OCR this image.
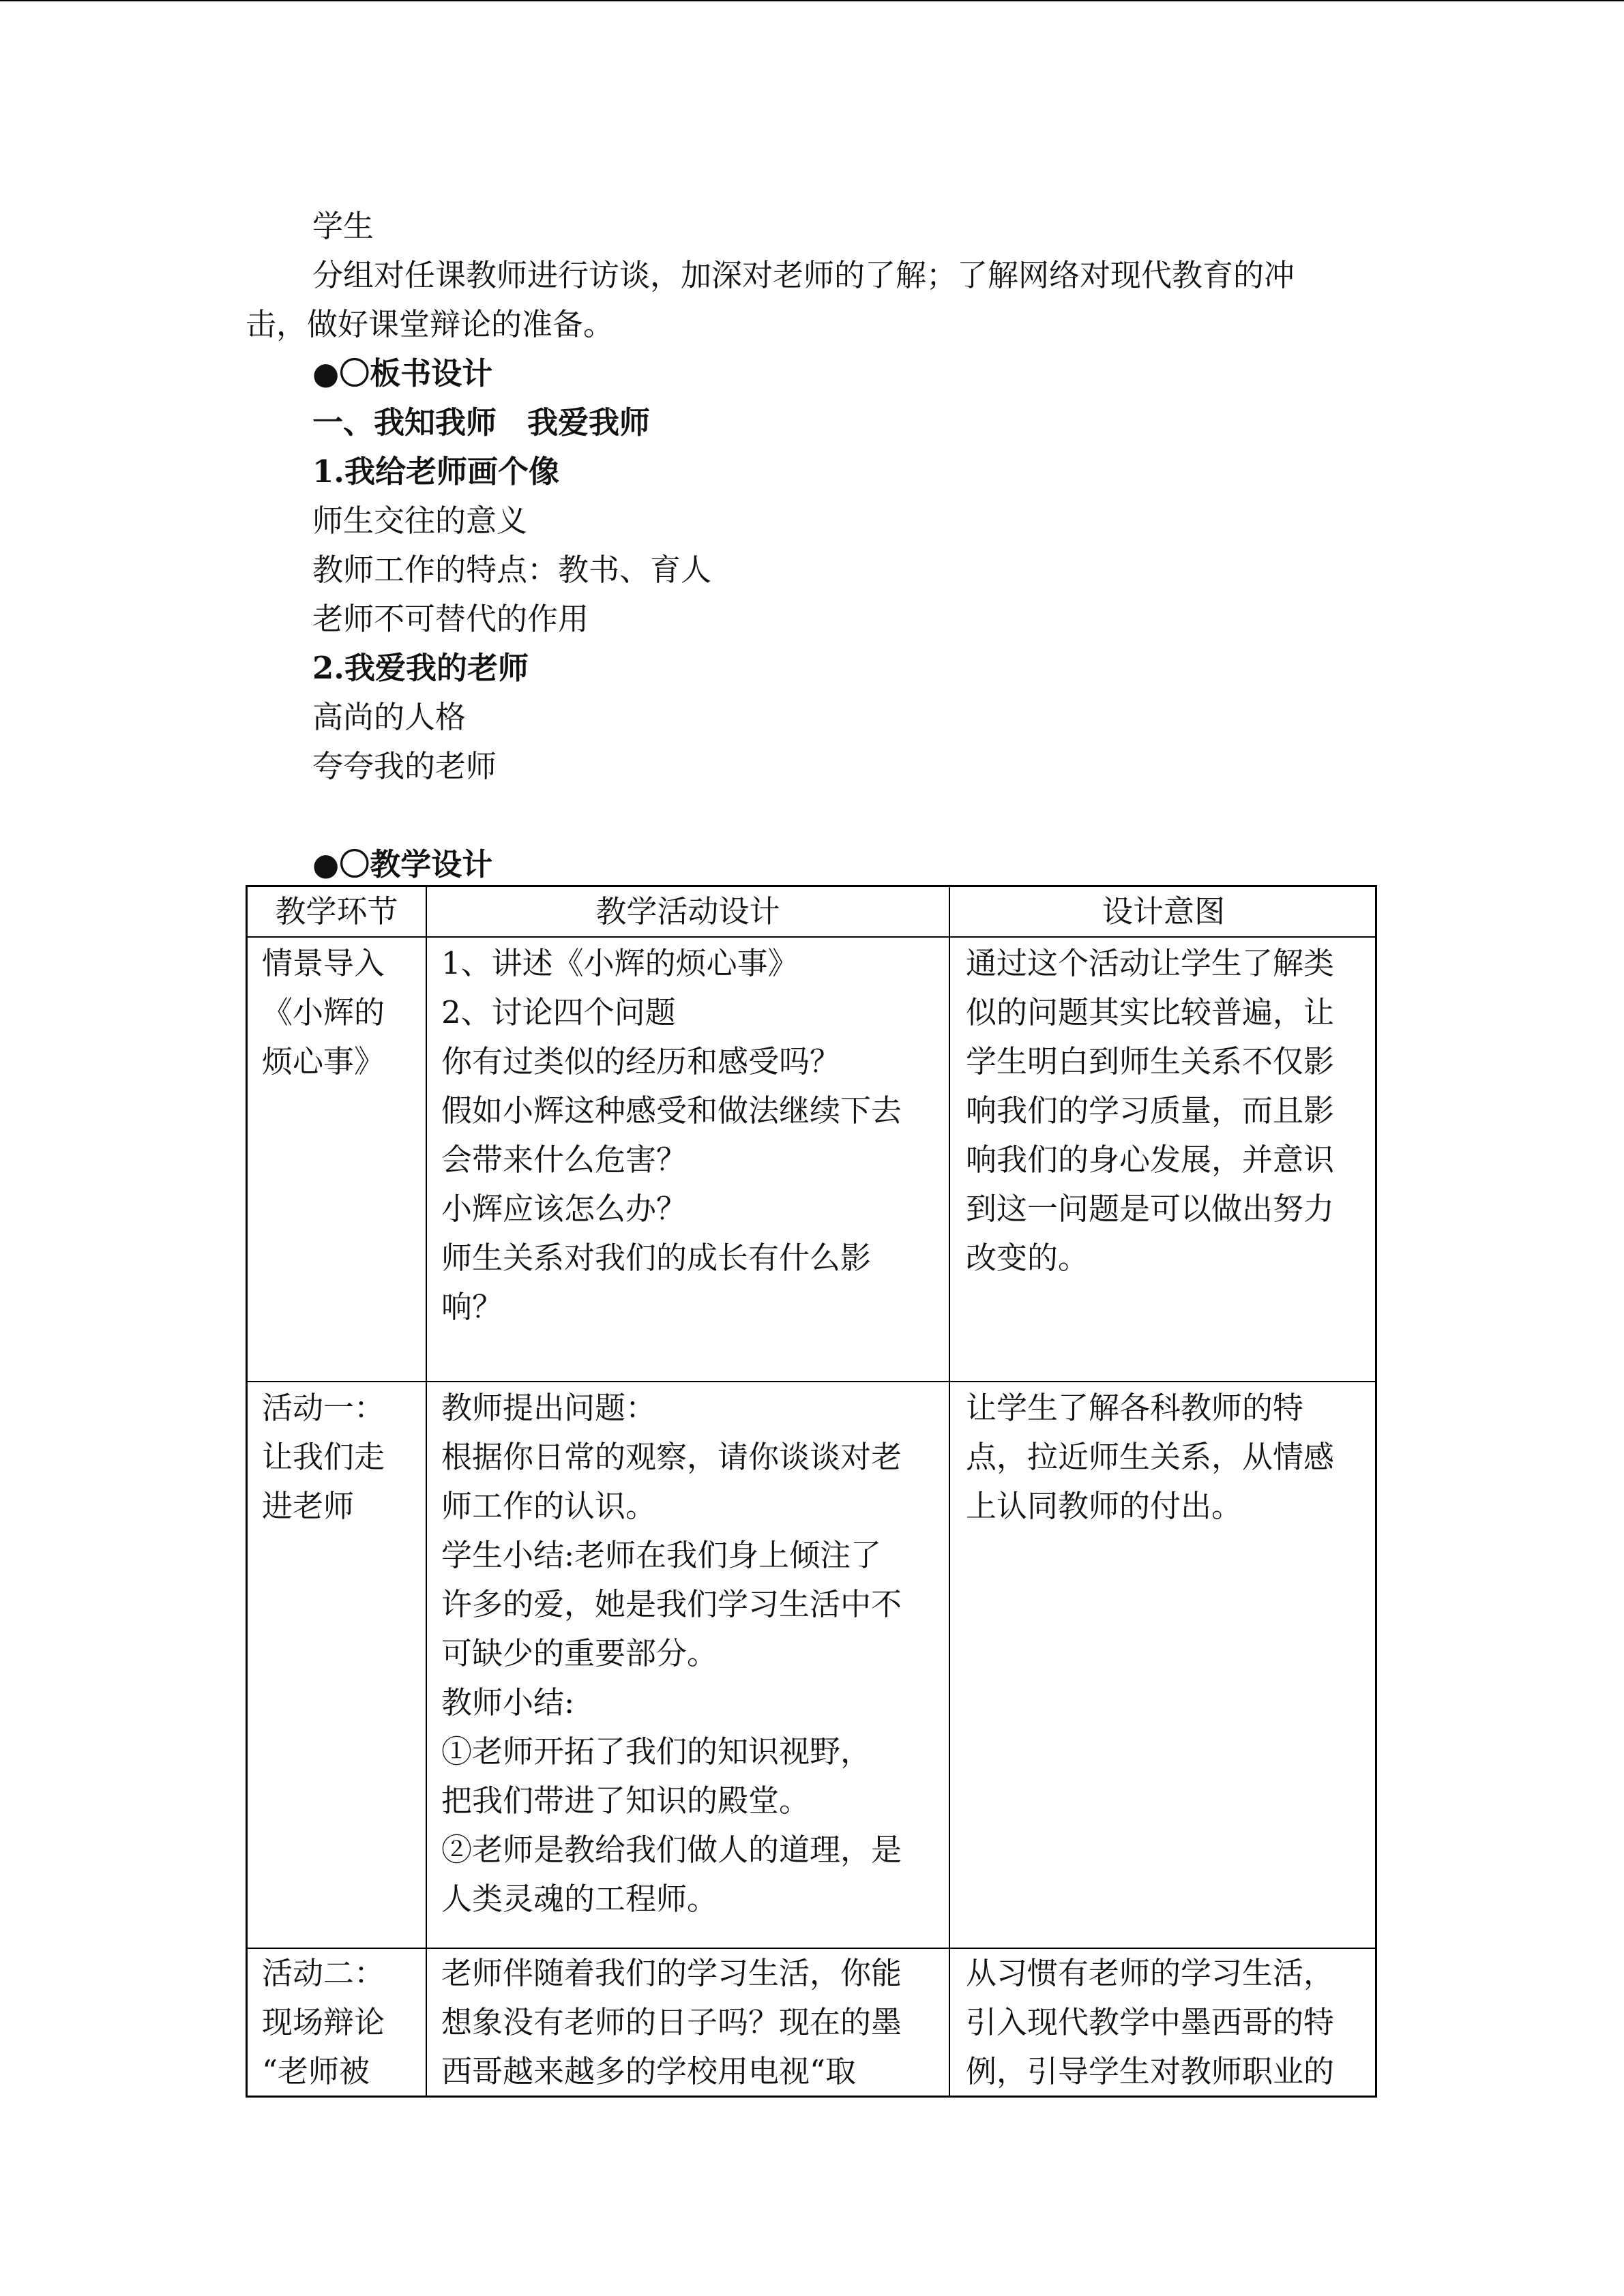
学生
分组对任课教师进行访谈，加深对老师的了解；了解网络对现代教育的冲
击，做好课堂辩论的准备。
●〇板书设计
一、我知我师　我爱我师
1.我给老师画个像
师生交往的意义
教师工作的特点：教书、育人
老师不可替代的作用
2.我爱我的老师
高尚的人格
夸夸我的老师
●〇教学设计
教学环节	教学活动设计	设计意图
情景导入
《小辉的
烦心事》
1、讲述《小辉的烦心事》
2、讨论四个问题
你有过类似的经历和感受吗？
假如小辉这种感受和做法继续下去
会带来什么危害？
小辉应该怎么办？
师生关系对我们的成长有什么影
响？
通过这个活动让学生了解类
似的问题其实比较普遍，让
学生明白到师生关系不仅影
响我们的学习质量，而且影
响我们的身心发展，并意识
到这一问题是可以做出努力
改变的。
活动一：
让我们走
进老师
教师提出问题：
根据你日常的观察，请你谈谈对老
师工作的认识。
学生小结:老师在我们身上倾注了
许多的爱，她是我们学习生活中不
可缺少的重要部分。
教师小结:
①老师开拓了我们的知识视野，
把我们带进了知识的殿堂。
②老师是教给我们做人的道理，是
人类灵魂的工程师。
让学生了解各科教师的特
点，拉近师生关系，从情感
上认同教师的付出。
活动二：
现场辩论
“老师被
老师伴随着我们的学习生活，你能
想象没有老师的日子吗？现在的墨
西哥越来越多的学校用电视“取
从习惯有老师的学习生活，
引入现代教学中墨西哥的特
例，引导学生对教师职业的
